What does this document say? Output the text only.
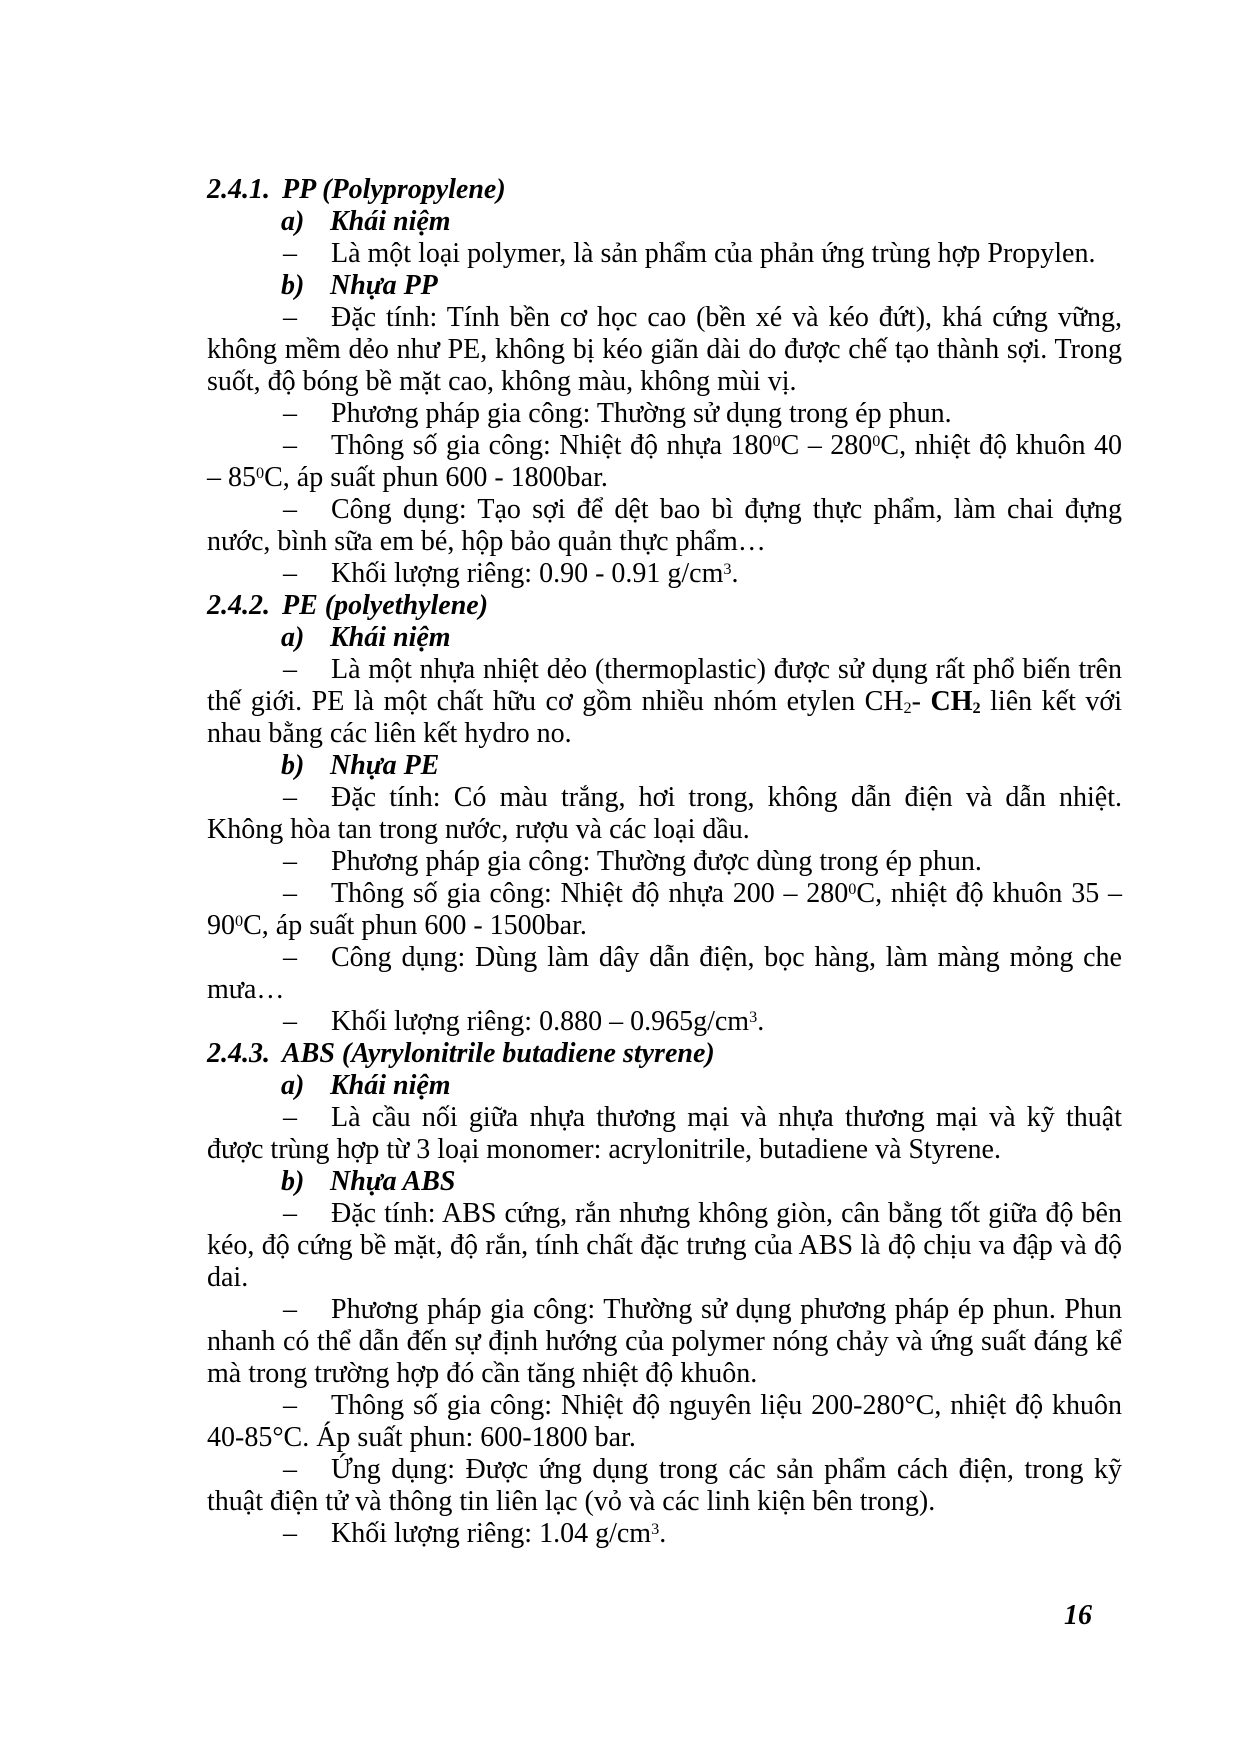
2.4.1. PP (Polypropylene)

a) Khái niệm

– Là một loại polymer, là sản phẩm của phản ứng trùng hợp Propylen.

b) Nhựa PP

– Đặc tính: Tính bền cơ học cao (bền xé và kéo đứt), khá cứng vững, không mềm dẻo như PE, không bị kéo giãn dài do được chế tạo thành sợi. Trong suốt, độ bóng bề mặt cao, không màu, không mùi vị.

– Phương pháp gia công: Thường sử dụng trong ép phun.

– Thông số gia công: Nhiệt độ nhựa $180^0C - 280^0C$, nhiệt độ khuôn $40 - 85^0C$, áp suất phun 600 - 1800bar.

– Công dụng: Tạo sợi để dệt bao bì đựng thực phẩm, làm chai đựng nước, bình sữa em bé, hộp bảo quản thực phẩm…

– Khối lượng riêng: 0.90 - 0.91 $g/cm^3$.

2.4.2. PE (polyethylene)

a) Khái niệm

– Là một nhựa nhiệt dẻo (thermoplastic) được sử dụng rất phổ biến trên thế giới. PE là một chất hữu cơ gồm nhiều nhóm etylen $CH_2-$ $CH_2$ liên kết với nhau bằng các liên kết hydro no.

b) Nhựa PE

– Đặc tính: Có màu trắng, hơi trong, không dẫn điện và dẫn nhiệt. Không hòa tan trong nước, rượu và các loại dầu.

– Phương pháp gia công: Thường được dùng trong ép phun.

– Thông số gia công: Nhiệt độ nhựa $200 - 280^0C$, nhiệt độ khuôn $35 - 90^0C$, áp suất phun 600 - 1500bar.

– Công dụng: Dùng làm dây dẫn điện, bọc hàng, làm màng mỏng che mưa…

– Khối lượng riêng: $0.880 - 0.965g/cm^3$.

2.4.3. ABS (Ayrylonitrile butadiene styrene)

a) Khái niệm

– Là cầu nối giữa nhựa thương mại và nhựa thương mại và kỹ thuật được trùng hợp từ 3 loại monomer: acrylonitrile, butadiene và Styrene.

b) Nhựa ABS

– Đặc tính: ABS cứng, rắn nhưng không giòn, cân bằng tốt giữa độ bên kéo, độ cứng bề mặt, độ rắn, tính chất đặc trưng của ABS là độ chịu va đập và độ dai.

– Phương pháp gia công: Thường sử dụng phương pháp ép phun. Phun nhanh có thể dẫn đến sự định hướng của polymer nóng chảy và ứng suất đáng kể mà trong trường hợp đó cần tăng nhiệt độ khuôn.

– Thông số gia công: Nhiệt độ nguyên liệu 200-280°C, nhiệt độ khuôn 40-85°C. Áp suất phun: 600-1800 bar.

– Ứng dụng: Được ứng dụng trong các sản phẩm cách điện, trong kỹ thuật điện tử và thông tin liên lạc (vỏ và các linh kiện bên trong).

– Khối lượng riêng: 1.04 $g/cm^3$.

16
